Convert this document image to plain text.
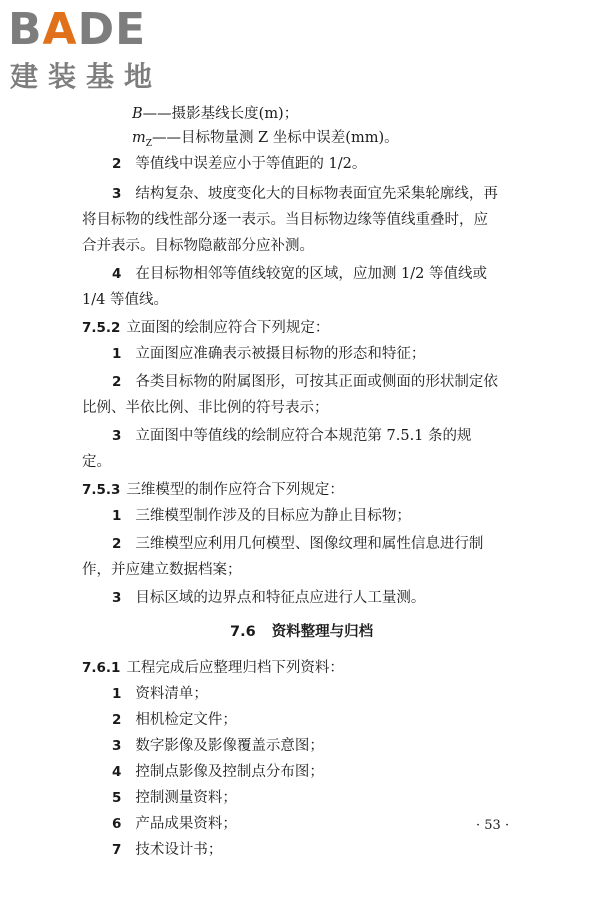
BADE
建装基地
B——摄影基线长度(m)；
$m_Z——$目标物量测 Z 坐标中误差(mm)。
2 等值线中误差应小于等值距的 1/2。
3 结构复杂、坡度变化大的目标物表面宜先采集轮廓线，再
将目标物的线性部分逐一表示。当目标物边缘等值线重叠时，应
合并表示。目标物隐蔽部分应补测。
4 在目标物相邻等值线较宽的区域，应加测 1/2 等值线或
1/4 等值线。
7.5.2 立面图的绘制应符合下列规定：
1 立面图应准确表示被摄目标物的形态和特征；
2 各类目标物的附属图形，可按其正面或侧面的形状制定依
比例、半依比例、非比例的符号表示；
3 立面图中等值线的绘制应符合本规范第 7.5.1 条的规
定。
7.5.3 三维模型的制作应符合下列规定：
1 三维模型制作涉及的目标应为静止目标物；
2 三维模型应利用几何模型、图像纹理和属性信息进行制
作，并应建立数据档案；
3 目标区域的边界点和特征点应进行人工量测。
7.6 资料整理与归档
7.6.1 工程完成后应整理归档下列资料：
1 资料清单；
2 相机检定文件；
3 数字影像及影像覆盖示意图；
4 控制点影像及控制点分布图；
5 控制测量资料；
6 产品成果资料；
7 技术设计书；
· 53 ·
